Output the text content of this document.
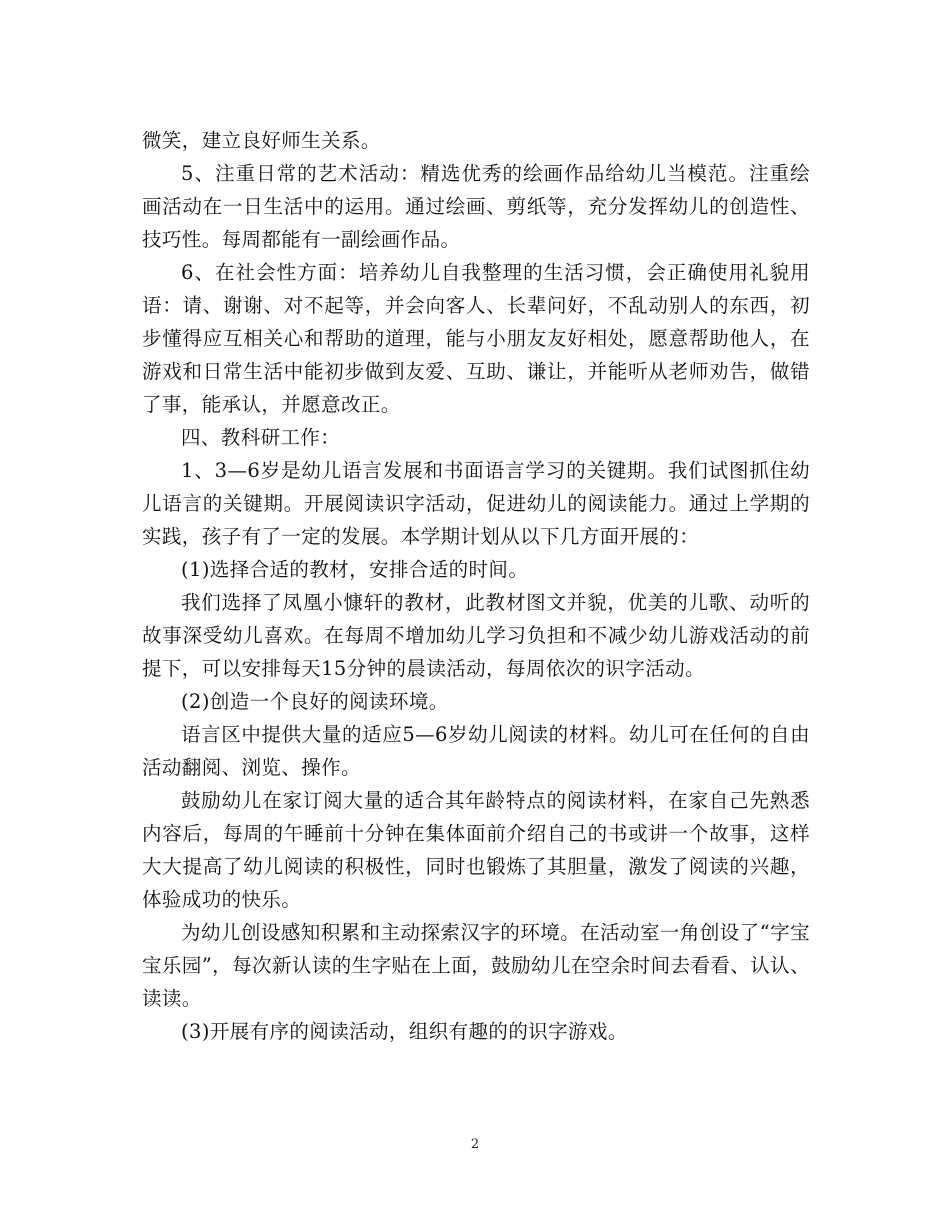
微笑，建立良好师生关系。

5、注重日常的艺术活动：精选优秀的绘画作品给幼儿当模范。注重绘画活动在一日生活中的运用。通过绘画、剪纸等，充分发挥幼儿的创造性、技巧性。每周都能有一副绘画作品。

6、在社会性方面：培养幼儿自我整理的生活习惯，会正确使用礼貌用语：请、谢谢、对不起等，并会向客人、长辈问好，不乱动别人的东西，初步懂得应互相关心和帮助的道理，能与小朋友友好相处，愿意帮助他人，在游戏和日常生活中能初步做到友爱、互助、谦让，并能听从老师劝告，做错了事，能承认，并愿意改正。

四、教科研工作：

1、3—6岁是幼儿语言发展和书面语言学习的关键期。我们试图抓住幼儿语言的关键期。开展阅读识字活动，促进幼儿的阅读能力。通过上学期的实践，孩子有了一定的发展。本学期计划从以下几方面开展的：

(1)选择合适的教材，安排合适的时间。

我们选择了凤凰小慷轩的教材，此教材图文并貌，优美的儿歌、动听的故事深受幼儿喜欢。在每周不增加幼儿学习负担和不减少幼儿游戏活动的前提下，可以安排每天15分钟的晨读活动，每周依次的识字活动。

(2)创造一个良好的阅读环境。

语言区中提供大量的适应5—6岁幼儿阅读的材料。幼儿可在任何的自由活动翻阅、浏览、操作。

鼓励幼儿在家订阅大量的适合其年龄特点的阅读材料，在家自己先熟悉内容后，每周的午睡前十分钟在集体面前介绍自己的书或讲一个故事，这样大大提高了幼儿阅读的积极性，同时也锻炼了其胆量，激发了阅读的兴趣，体验成功的快乐。

为幼儿创设感知积累和主动探索汉字的环境。在活动室一角创设了“字宝宝乐园”，每次新认读的生字贴在上面，鼓励幼儿在空余时间去看看、认认、读读。

(3)开展有序的阅读活动，组织有趣的的识字游戏。

2
